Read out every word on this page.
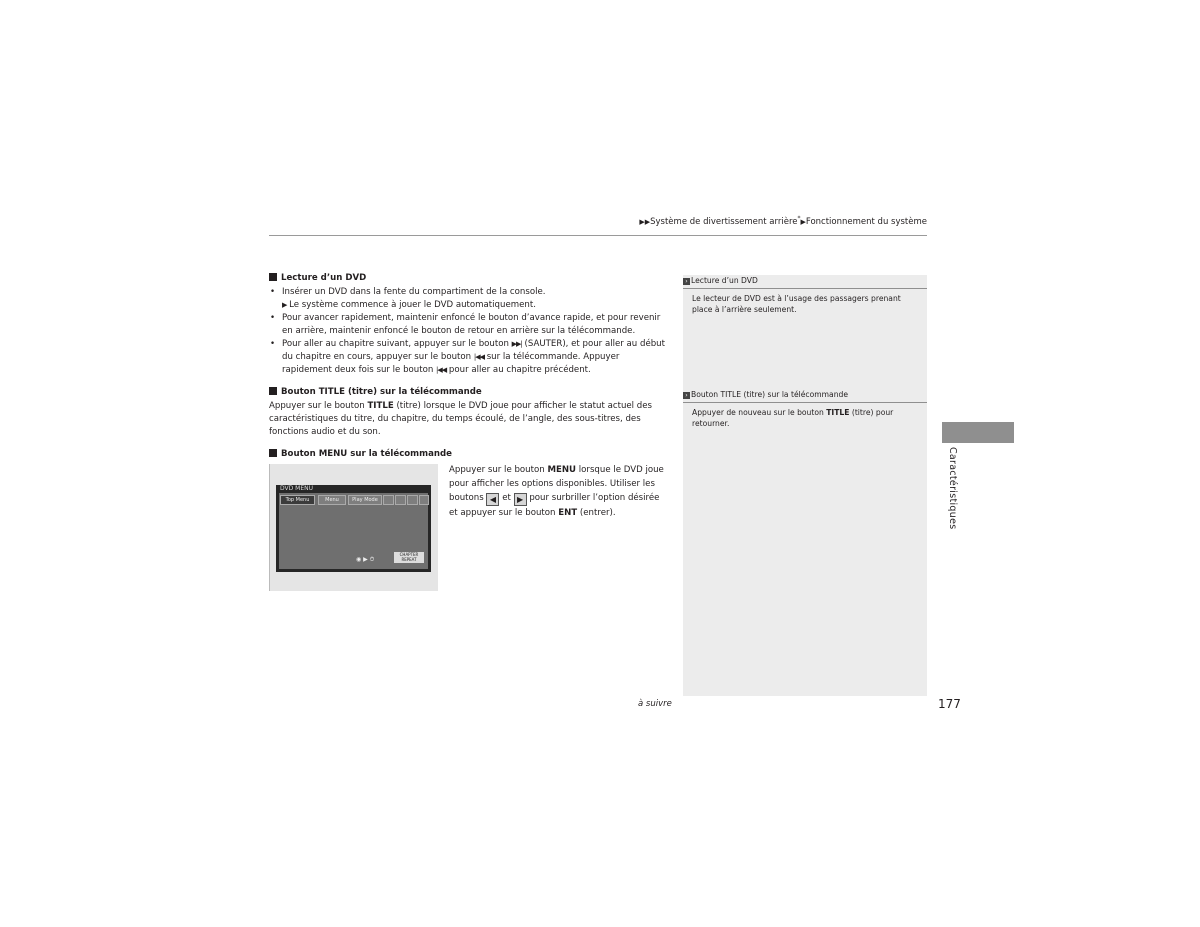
▶▶Système de divertissement arrière*▶Fonctionnement du système
Lecture d’un DVD
• Insérer un DVD dans la fente du compartiment de la console.
▶ Le système commence à jouer le DVD automatiquement.
• Pour avancer rapidement, maintenir enfoncé le bouton d’avance rapide, et pour revenir en arrière, maintenir enfoncé le bouton de retour en arrière sur la télécommande.
• Pour aller au chapitre suivant, appuyer sur le bouton ▶▶| (SAUTER), et pour aller au début du chapitre en cours, appuyer sur le bouton |◀◀ sur la télécommande. Appuyer rapidement deux fois sur le bouton |◀◀ pour aller au chapitre précédent.
Bouton TITLE (titre) sur la télécommande

Appuyer sur le bouton TITLE (titre) lorsque le DVD joue pour afficher le statut actuel des caractéristiques du titre, du chapitre, du temps écoulé, de l’angle, des sous-titres, des fonctions audio et du son.

Bouton MENU sur la télécommande
DVD MENU
Top Menu	Menu	Play Mode
◉ ▶ ⏱
CHAPTER REPEAT
Appuyer sur le bouton MENU lorsque le DVD joue pour afficher les options disponibles. Utiliser les boutons ◀ et ▶ pour surbriller l’option désirée et appuyer sur le bouton ENT (entrer).
› Lecture d’un DVD
Le lecteur de DVD est à l’usage des passagers prenant place à l’arrière seulement.
› Bouton TITLE (titre) sur la télécommande
Appuyer de nouveau sur le bouton TITLE (titre) pour retourner.
Caractéristiques
à suivre	177
